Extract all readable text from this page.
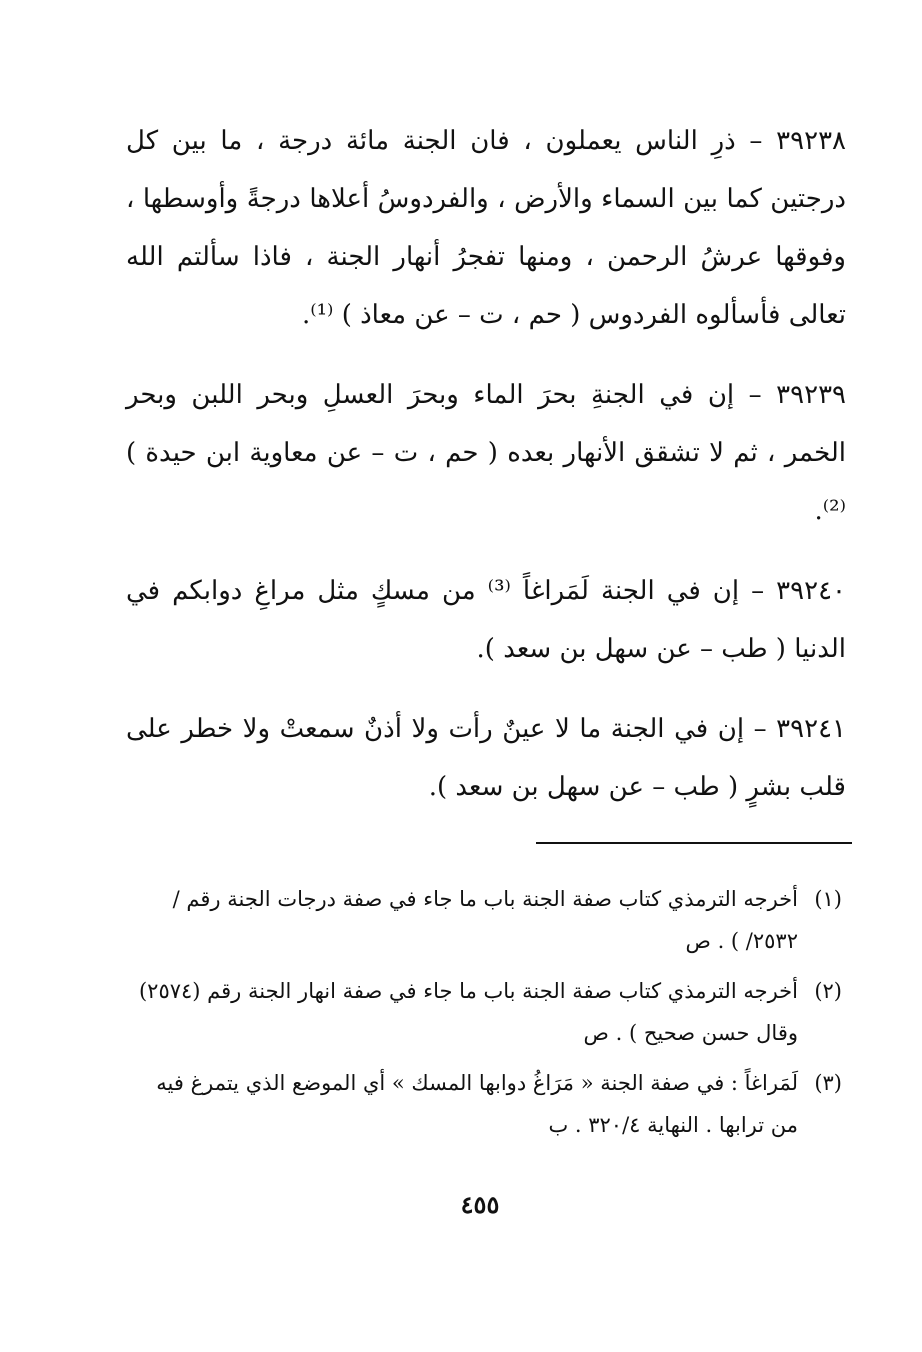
٣٩٢٣٨ – ذرِ الناس يعملون ، فان الجنة مائة درجة ، ما بين كل درجتين كما بين السماء والأرض ، والفردوسُ أعلاها درجةً وأوسطها ، وفوقها عرشُ الرحمن ، ومنها تفجرُ أنهار الجنة ، فاذا سألتم الله تعالى فأسألوه الفردوس ( حم ، ت – عن معاذ ) ⁽¹⁾.

٣٩٢٣٩ – إن في الجنةِ بحرَ الماء وبحرَ العسلِ وبحر اللبن وبحر الخمر ، ثم لا تشقق الأنهار بعده ( حم ، ت – عن معاوية ابن حيدة ) ⁽²⁾.

٣٩٢٤٠ – إن في الجنة لَمَراغاً ⁽³⁾ من مسكٍ مثل مراغِ دوابكم في الدنيا ( طب – عن سهل بن سعد ).

٣٩٢٤١ – إن في الجنة ما لا عينٌ رأت ولا أذنٌ سمعتْ ولا خطر على قلب بشرٍ ( طب – عن سهل بن سعد ).

(١)
أخرجه الترمذي كتاب صفة الجنة باب ما جاء في صفة درجات الجنة رقم /٢٥٣٢/ ) . ص

(٢)
أخرجه الترمذي كتاب صفة الجنة باب ما جاء في صفة انهار الجنة رقم (٢٥٧٤) وقال حسن صحيح ) . ص

(٣)
لَمَراغاً : في صفة الجنة « مَرَاغُ دوابها المسك » أي الموضع الذي يتمرغ فيه من ترابها . النهاية ٣٢٠/٤ . ب

٤٥٥
